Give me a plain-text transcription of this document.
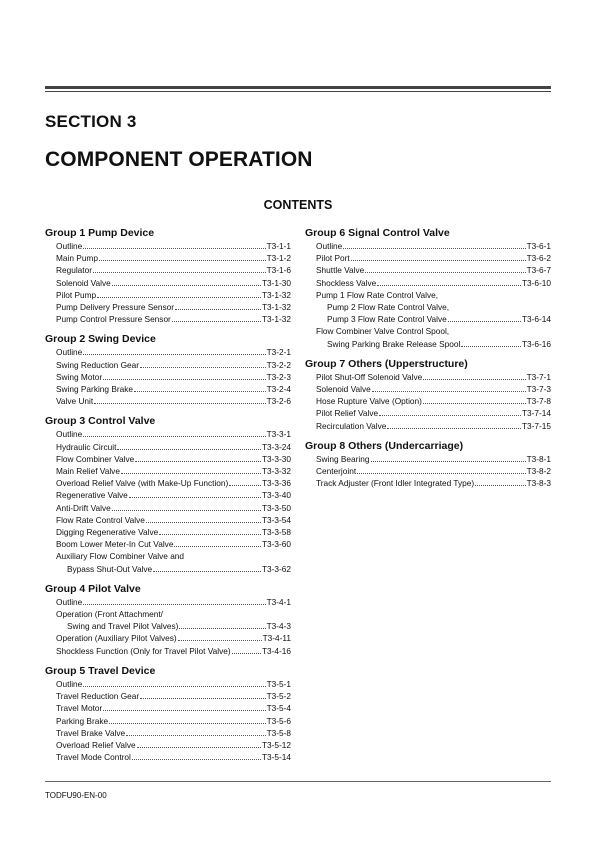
SECTION 3
COMPONENT OPERATION
CONTENTS
Group 1 Pump Device
Outline	T3-1-1
Main Pump	T3-1-2
Regulator	T3-1-6
Solenoid Valve	T3-1-30
Pilot Pump	T3-1-32
Pump Delivery Pressure Sensor	T3-1-32
Pump Control Pressure Sensor	T3-1-32
Group 2 Swing Device
Outline	T3-2-1
Swing Reduction Gear	T3-2-2
Swing Motor	T3-2-3
Swing Parking Brake	T3-2-4
Valve Unit	T3-2-6
Group 3 Control Valve
Outline	T3-3-1
Hydraulic Circuit	T3-3-24
Flow Combiner Valve	T3-3-30
Main Relief Valve	T3-3-32
Overload Relief Valve (with Make-Up Function)	T3-3-36
Regenerative Valve	T3-3-40
Anti-Drift Valve	T3-3-50
Flow Rate Control Valve	T3-3-54
Digging Regenerative Valve	T3-3-58
Boom Lower Meter-In Cut Valve	T3-3-60
Auxiliary Flow Combiner Valve and
Bypass Shut-Out Valve	T3-3-62
Group 4 Pilot Valve
Outline	T3-4-1
Operation (Front Attachment/
Swing and Travel Pilot Valves)	T3-4-3
Operation (Auxiliary Pilot Valves)	T3-4-11
Shockless Function (Only for Travel Pilot Valve)	T3-4-16
Group 5 Travel Device
Outline	T3-5-1
Travel Reduction Gear	T3-5-2
Travel Motor	T3-5-4
Parking Brake	T3-5-6
Travel Brake Valve	T3-5-8
Overload Relief Valve	T3-5-12
Travel Mode Control	T3-5-14
Group 6 Signal Control Valve
Outline	T3-6-1
Pilot Port	T3-6-2
Shuttle Valve	T3-6-7
Shockless Valve	T3-6-10
Pump 1 Flow Rate Control Valve,
Pump 2 Flow Rate Control Valve,
Pump 3 Flow Rate Control Valve	T3-6-14
Flow Combiner Valve Control Spool,
Swing Parking Brake Release Spool	T3-6-16
Group 7 Others (Upperstructure)
Pilot Shut-Off Solenoid Valve	T3-7-1
Solenoid Valve	T3-7-3
Hose Rupture Valve (Option)	T3-7-8
Pilot Relief Valve	T3-7-14
Recirculation Valve	T3-7-15
Group 8 Others (Undercarriage)
Swing Bearing	T3-8-1
Centerjoint	T3-8-2
Track Adjuster (Front Idler Integrated Type)	T3-8-3
TODFU90-EN-00
